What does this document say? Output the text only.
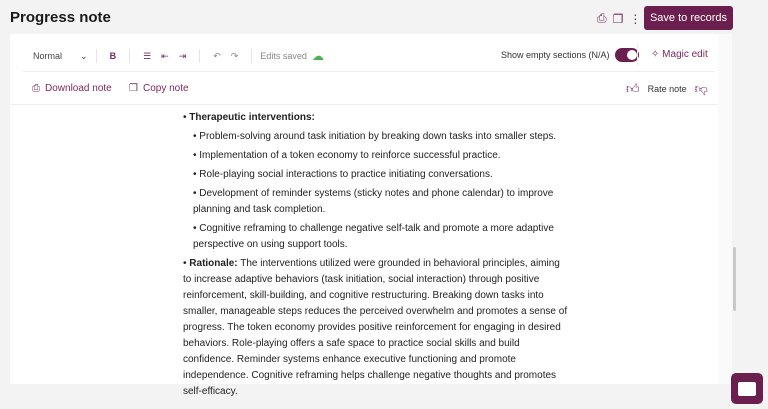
Progress note	⎙ ❐ ⋮ Save to records
Normal ⌄ B	☰ ⇤ ⇥	↶ ↷ Edits saved ☁	Show empty sections (N/A)	✧ Magic edit
⎙ Download note ❐ Copy note	👍︎ Rate note 👎︎
• Therapeutic interventions:
• Problem-solving around task initiation by breaking down tasks into smaller steps.
• Implementation of a token economy to reinforce successful practice.
• Role-playing social interactions to practice initiating conversations.
• Development of reminder systems (sticky notes and phone calendar) to improve planning and task completion.
• Cognitive reframing to challenge negative self-talk and promote a more adaptive perspective on using support tools.
• Rationale: The interventions utilized were grounded in behavioral principles, aiming to increase adaptive behaviors (task initiation, social interaction) through positive reinforcement, skill-building, and cognitive restructuring. Breaking down tasks into smaller, manageable steps reduces the perceived overwhelm and promotes a sense of progress. The token economy provides positive reinforcement for engaging in desired behaviors. Role-playing offers a safe space to practice social skills and build confidence. Reminder systems enhance executive functioning and promote independence. Cognitive reframing helps challenge negative thoughts and promotes self-efficacy.
